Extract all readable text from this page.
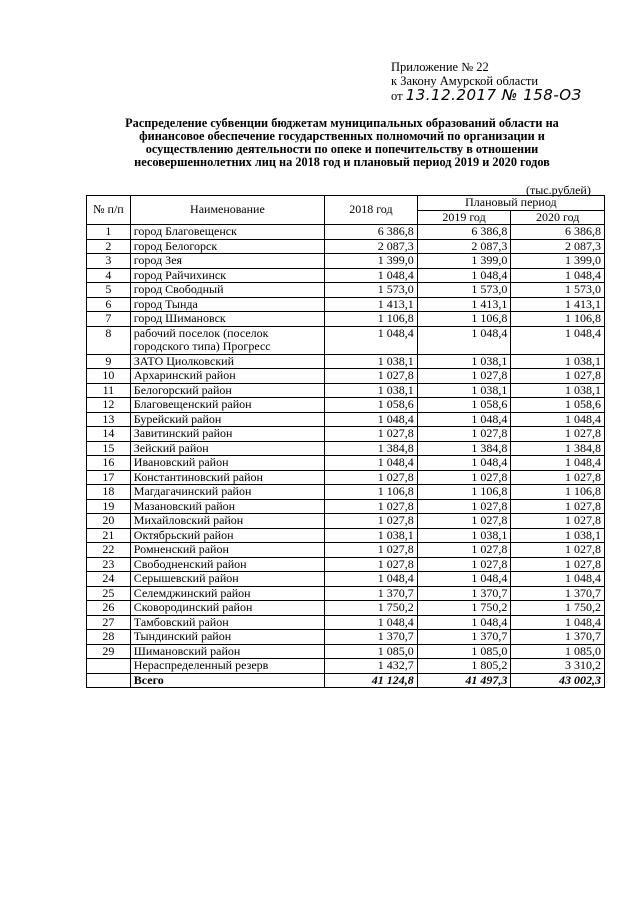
Приложение № 22
к Закону Амурской области
от 13.12.2017 № 158-ОЗ
Распределение субвенции бюджетам муниципальных образований области на
финансовое обеспечение государственных полномочий по организации и
осуществлению деятельности по опеке и попечительству в отношении
несовершеннолетних лиц на 2018 год и плановый период 2019 и 2020 годов
(тыс.рублей)
№ п/п	Наименование	2018 год	Плановый период	
			2019 год	2020 год
1	город Благовещенск	6 386,8	6 386,8	6 386,8
2	город Белогорск	2 087,3	2 087,3	2 087,3
3	город Зея	1 399,0	1 399,0	1 399,0
4	город Райчихинск	1 048,4	1 048,4	1 048,4
5	город Свободный	1 573,0	1 573,0	1 573,0
6	город Тында	1 413,1	1 413,1	1 413,1
7	город Шимановск	1 106,8	1 106,8	1 106,8
8	рабочий поселок (поселок городского типа) Прогресс	1 048,4	1 048,4	1 048,4
9	ЗАТО Циолковский	1 038,1	1 038,1	1 038,1
10	Архаринский район	1 027,8	1 027,8	1 027,8
11	Белогорский район	1 038,1	1 038,1	1 038,1
12	Благовещенский район	1 058,6	1 058,6	1 058,6
13	Бурейский район	1 048,4	1 048,4	1 048,4
14	Завитинский район	1 027,8	1 027,8	1 027,8
15	Зейский район	1 384,8	1 384,8	1 384,8
16	Ивановский район	1 048,4	1 048,4	1 048,4
17	Константиновский район	1 027,8	1 027,8	1 027,8
18	Магдагачинский район	1 106,8	1 106,8	1 106,8
19	Мазановский район	1 027,8	1 027,8	1 027,8
20	Михайловский район	1 027,8	1 027,8	1 027,8
21	Октябрьский район	1 038,1	1 038,1	1 038,1
22	Ромненский район	1 027,8	1 027,8	1 027,8
23	Свободненский район	1 027,8	1 027,8	1 027,8
24	Серышевский район	1 048,4	1 048,4	1 048,4
25	Селемджинский район	1 370,7	1 370,7	1 370,7
26	Сковородинский район	1 750,2	1 750,2	1 750,2
27	Тамбовский район	1 048,4	1 048,4	1 048,4
28	Тындинский район	1 370,7	1 370,7	1 370,7
29	Шимановский район	1 085,0	1 085,0	1 085,0
	Нераспределенный резерв	1 432,7	1 805,2	3 310,2
	Всего	41 124,8	41 497,3	43 002,3
